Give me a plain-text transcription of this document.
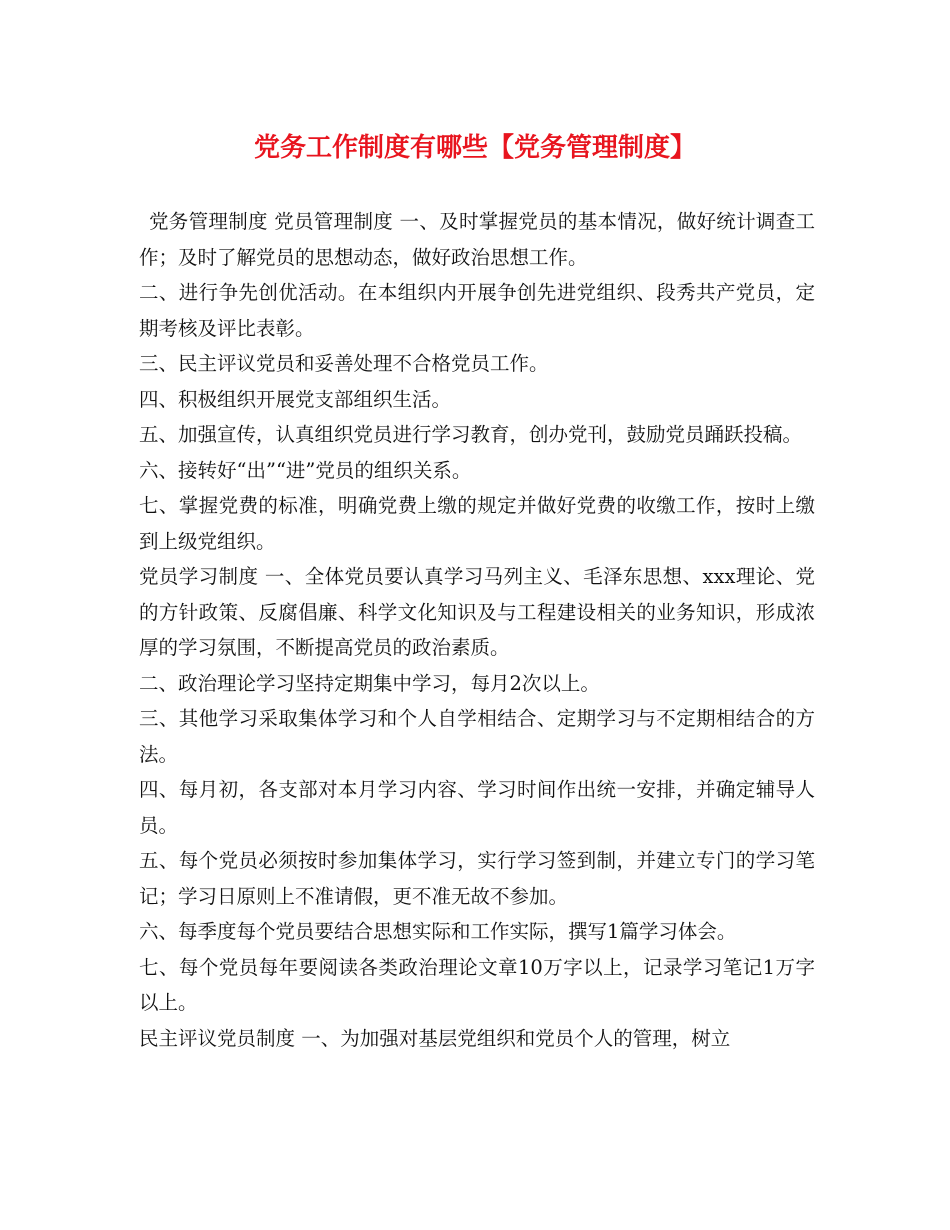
党务工作制度有哪些【党务管理制度】

党务管理制度 党员管理制度 一、及时掌握党员的基本情况，做好统计调查工作；及时了解党员的思想动态，做好政治思想工作。

二、进行争先创优活动。在本组织内开展争创先进党组织、段秀共产党员，定期考核及评比表彰。

三、民主评议党员和妥善处理不合格党员工作。

四、积极组织开展党支部组织生活。

五、加强宣传，认真组织党员进行学习教育，创办党刊，鼓励党员踊跃投稿。

六、接转好“出”“进”党员的组织关系。

七、掌握党费的标准，明确党费上缴的规定并做好党费的收缴工作，按时上缴到上级党组织。

党员学习制度 一、全体党员要认真学习马列主义、毛泽东思想、xxx理论、党的方针政策、反腐倡廉、科学文化知识及与工程建设相关的业务知识，形成浓厚的学习氛围，不断提高党员的政治素质。

二、政治理论学习坚持定期集中学习，每月2次以上。

三、其他学习采取集体学习和个人自学相结合、定期学习与不定期相结合的方法。

四、每月初，各支部对本月学习内容、学习时间作出统一安排，并确定辅导人员。

五、每个党员必须按时参加集体学习，实行学习签到制，并建立专门的学习笔记；学习日原则上不准请假，更不准无故不参加。

六、每季度每个党员要结合思想实际和工作实际，撰写1篇学习体会。

七、每个党员每年要阅读各类政治理论文章10万字以上，记录学习笔记1万字以上。

民主评议党员制度 一、为加强对基层党组织和党员个人的管理，树立
